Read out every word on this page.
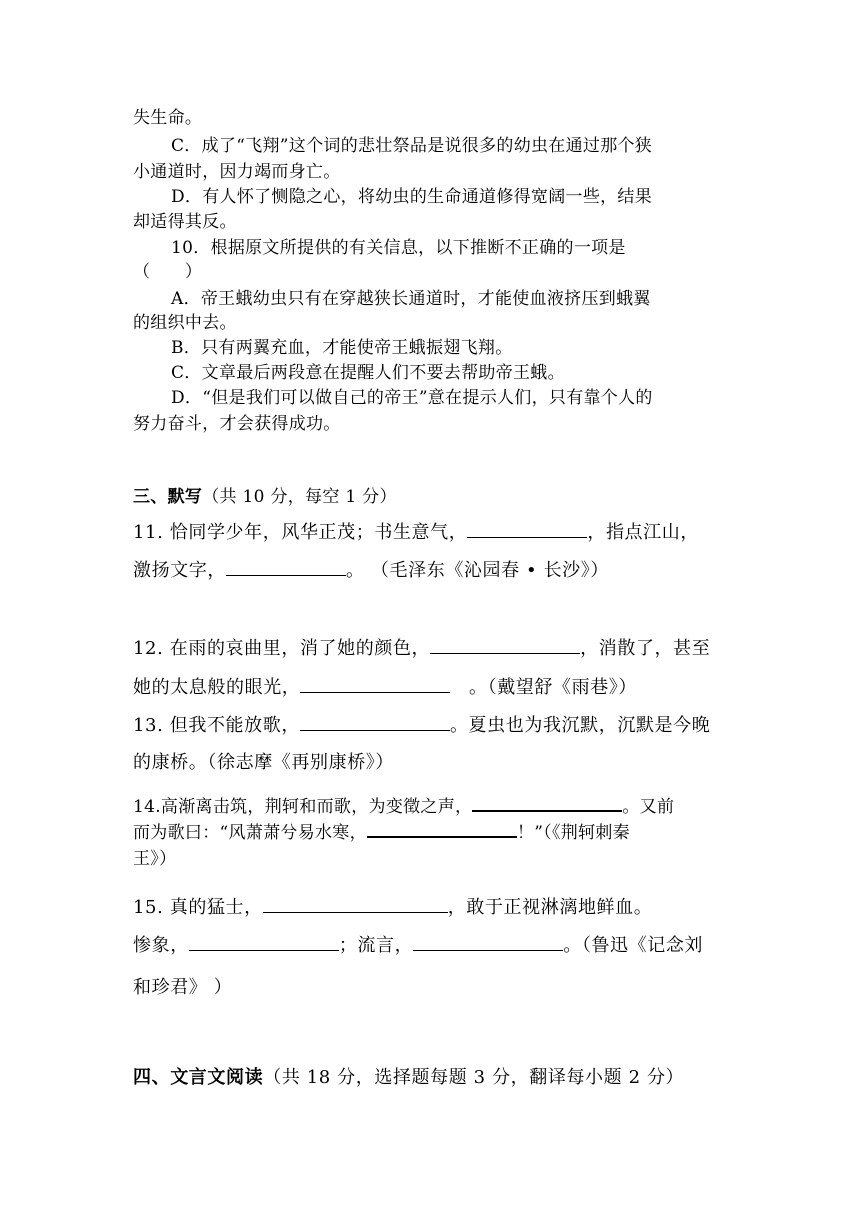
失生命。
C．成了“飞翔”这个词的悲壮祭品是说很多的幼虫在通过那个狭
小通道时，因力竭而身亡。
D．有人怀了恻隐之心，将幼虫的生命通道修得宽阔一些，结果
却适得其反。
10．根据原文所提供的有关信息，以下推断不正确的一项是
（　　）
A．帝王蛾幼虫只有在穿越狭长通道时，才能使血液挤压到蛾翼
的组织中去。
B．只有两翼充血，才能使帝王蛾振翅飞翔。
C．文章最后两段意在提醒人们不要去帮助帝王蛾。
D．“但是我们可以做自己的帝王”意在提示人们，只有靠个人的
努力奋斗，才会获得成功。
三、默写（共 10 分，每空 1 分）
11. 恰同学少年，风华正茂；书生意气，	，指点江山，
激扬文字，	。 （毛泽东《沁园春 • 长沙》）
12. 在雨的哀曲里，消了她的颜色，	，消散了，甚至
她的太息般的眼光，	　。（戴望舒《雨巷》）
13. 但我不能放歌，	。夏虫也为我沉默，沉默是今晚
的康桥。（徐志摩《再别康桥》）
14.高渐离击筑，荆轲和而歌，为变徵之声，	。又前
而为歌曰：“风萧萧兮易水寒，	！”（《荆轲刺秦
王》）
15. 真的猛士，	，敢于正视淋漓地鲜血。
惨象，	；流言，	。（鲁迅《记念刘
和珍君》 ）
四、文言文阅读（共 18 分，选择题每题 3 分，翻译每小题 2 分）
